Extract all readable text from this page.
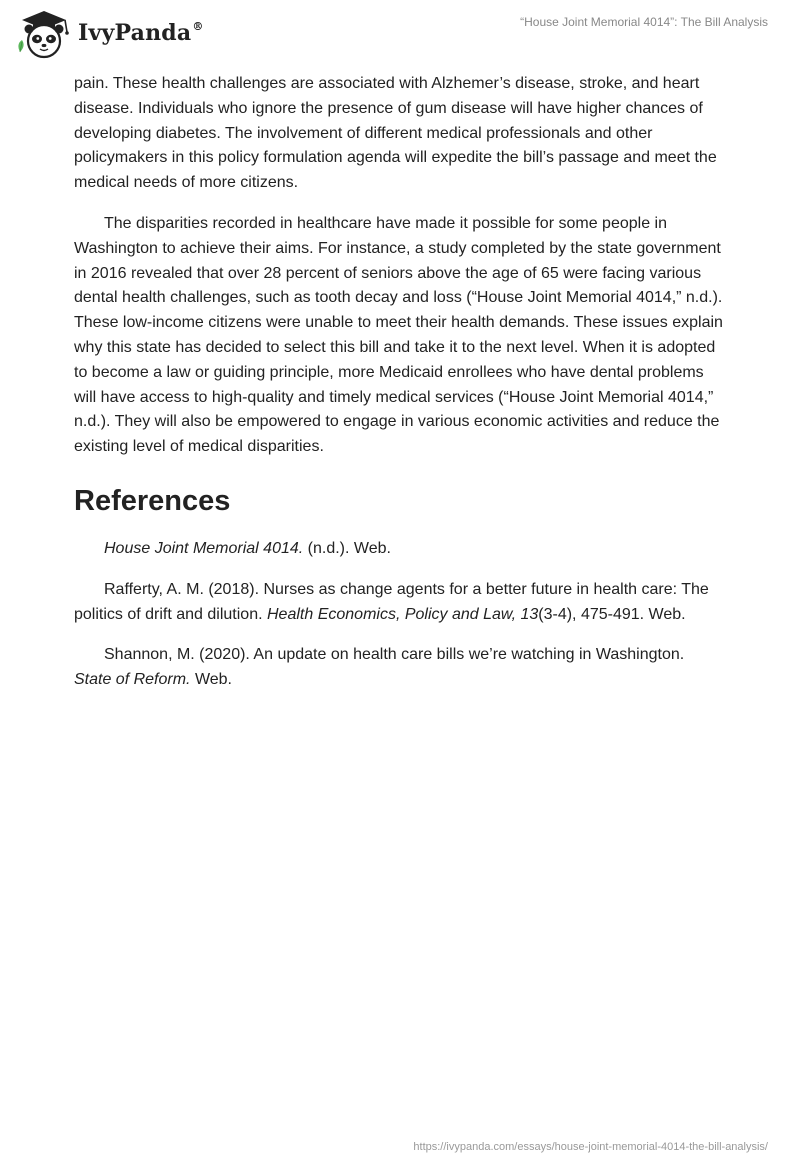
IvyPanda®	“House Joint Memorial 4014”: The Bill Analysis

pain. These health challenges are associated with Alzhemer’s disease, stroke, and heart disease. Individuals who ignore the presence of gum disease will have higher chances of developing diabetes. The involvement of different medical professionals and other policymakers in this policy formulation agenda will expedite the bill’s passage and meet the medical needs of more citizens.

The disparities recorded in healthcare have made it possible for some people in Washington to achieve their aims. For instance, a study completed by the state government in 2016 revealed that over 28 percent of seniors above the age of 65 were facing various dental health challenges, such as tooth decay and loss (“House Joint Memorial 4014,” n.d.). These low-income citizens were unable to meet their health demands. These issues explain why this state has decided to select this bill and take it to the next level. When it is adopted to become a law or guiding principle, more Medicaid enrollees who have dental problems will have access to high-quality and timely medical services (“House Joint Memorial 4014,” n.d.). They will also be empowered to engage in various economic activities and reduce the existing level of medical disparities.

References

House Joint Memorial 4014. (n.d.). Web.

Rafferty, A. M. (2018). Nurses as change agents for a better future in health care: The politics of drift and dilution. Health Economics, Policy and Law, 13(3-4), 475-491. Web.

Shannon, M. (2020). An update on health care bills we’re watching in Washington. State of Reform. Web.

https://ivypanda.com/essays/house-joint-memorial-4014-the-bill-analysis/
